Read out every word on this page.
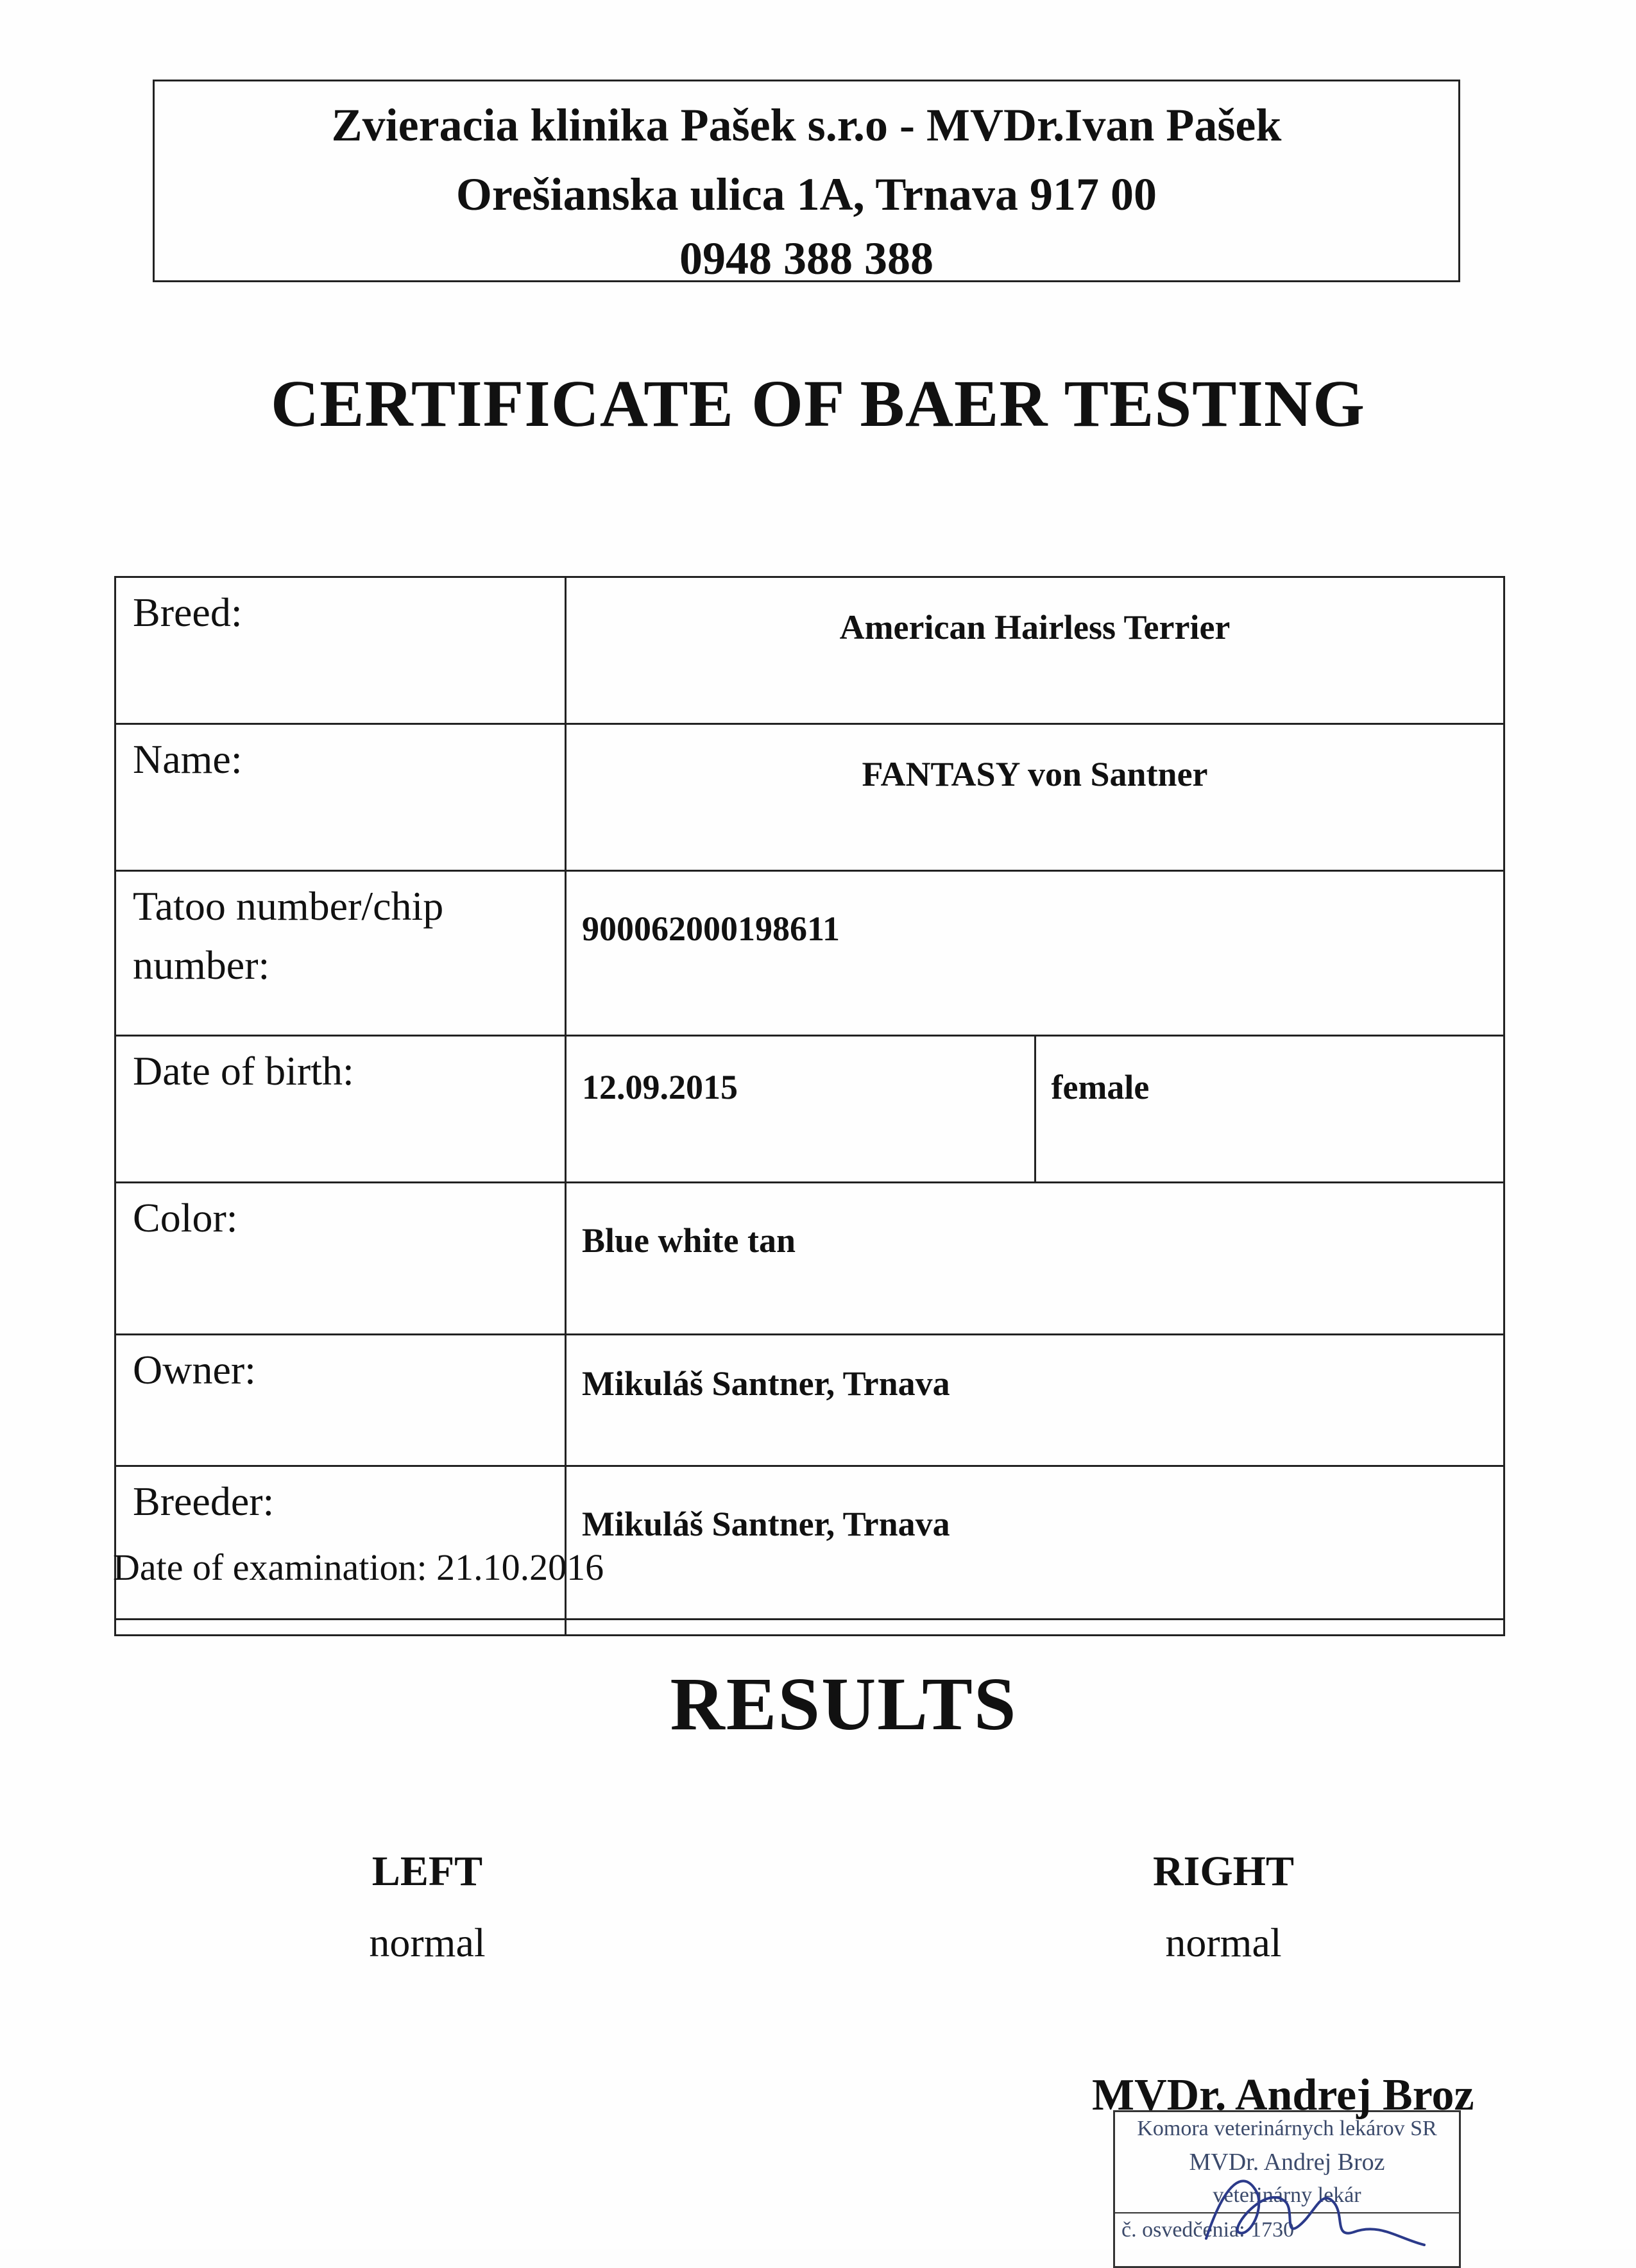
Zvieracia klinika Pašek s.r.o - MVDr.Ivan Pašek
Orešianska ulica 1A, Trnava 917 00
0948 388 388
CERTIFICATE OF BAER TESTING
Breed:	American Hairless Terrier	
Name:	FANTASY von Santner	
Tatoo number/chip number:	900062000198611	
Date of birth:	12.09.2015	female
Color:	Blue white tan	
Owner:	Mikuláš Santner, Trnava	
Breeder:	Mikuláš Santner, Trnava	

Date of examination: 21.10.2016
RESULTS
LEFT
normal
RIGHT
normal
Komora veterinárnych lekárov SR
MVDr. Andrej Broz
veterinárny lekár
č. osvedčenia: 1730
MVDr. Andrej Broz
